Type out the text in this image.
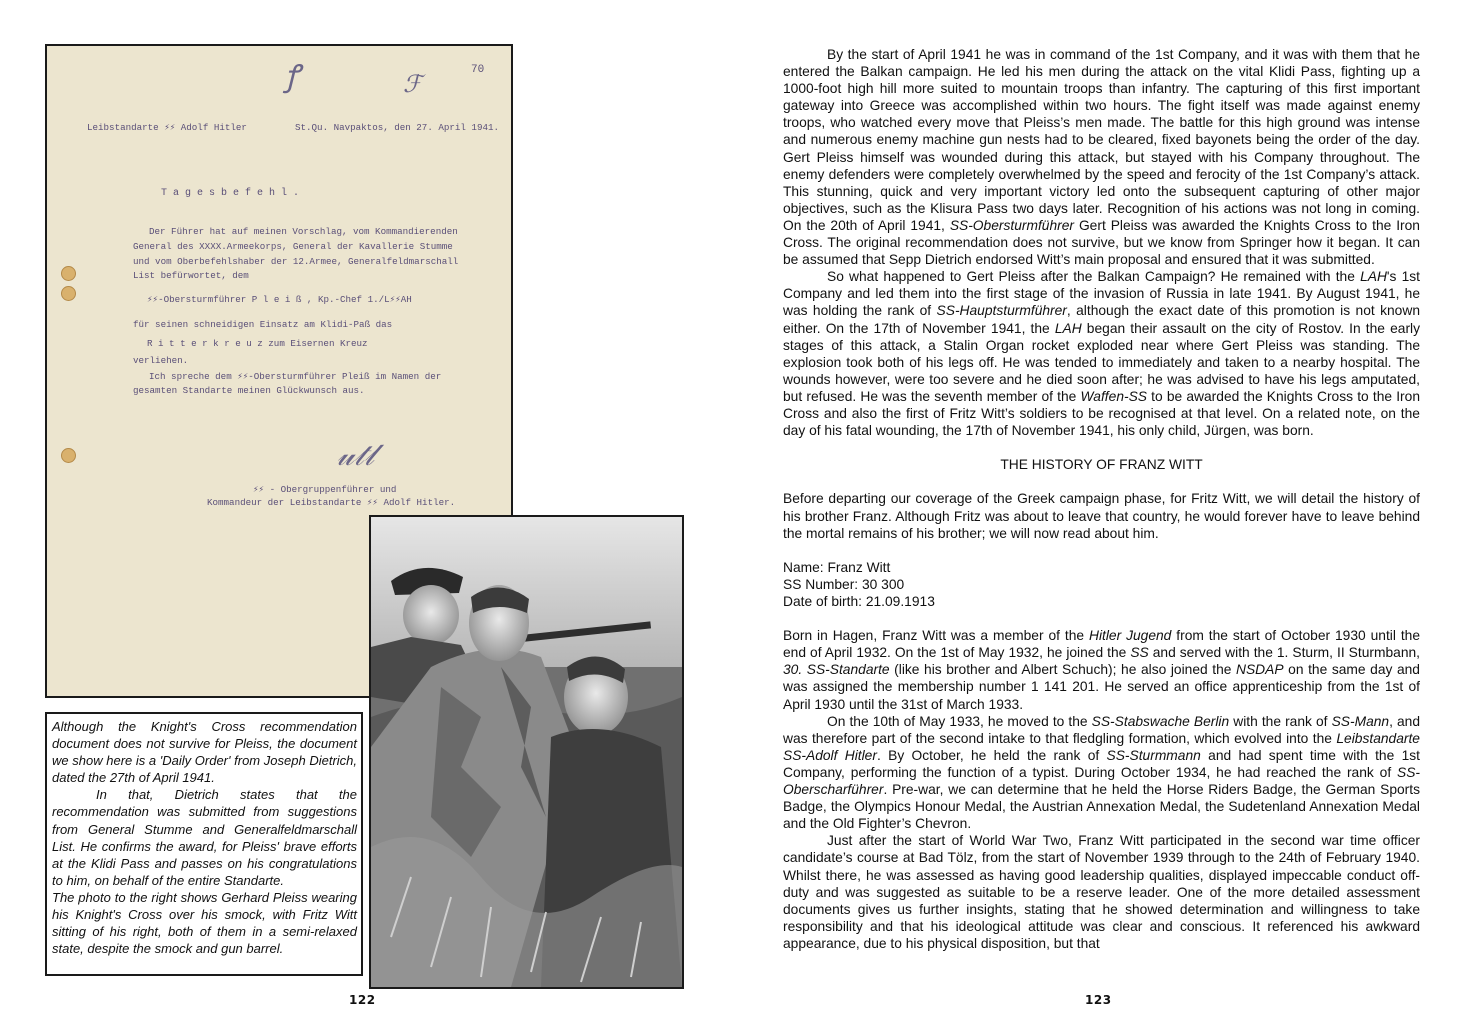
ꝭ	ℱ	70
Leibstandarte ⚡⚡ Adolf Hitler	St.Qu. Navpaktos, den 27. April 1941.
T a g e s b e f e h l .
Der Führer hat auf meinen Vorschlag, vom Kommandierenden
General des XXXX.Armeekorps, General der Kavallerie Stumme
und vom Oberbefehlshaber der 12.Armee, Generalfeldmarschall
List befürwortet, dem
⚡⚡-Obersturmführer P l e i ß , Kp.-Chef 1./L⚡⚡AH
für seinen schneidigen Einsatz am Klidi-Paß das
R i t t e r k r e u z zum Eisernen Kreuz
verliehen.
Ich spreche dem ⚡⚡-Obersturmführer Pleiß im Namen der
gesamten Standarte meinen Glückwunsch aus.
𝓊𝓉𝓁
⚡⚡ - Obergruppenführer und
Kommandeur der Leibstandarte ⚡⚡ Adolf Hitler.

Although the Knight's Cross recommendation document does not survive for Pleiss, the document we show here is a 'Daily Order' from Joseph Dietrich, dated the 27th of April 1941.

In that, Dietrich states that the recommendation was submitted from suggestions from General Stumme and Generalfeldmarschall List. He confirms the award, for Pleiss' brave efforts at the Klidi Pass and passes on his congratulations to him, on behalf of the entire Standarte.

The photo to the right shows Gerhard Pleiss wearing his Knight's Cross over his smock, with Fritz Witt sitting of his right, both of them in a semi-relaxed state, despite the smock and gun barrel.

122

By the start of April 1941 he was in command of the 1st Company, and it was with them that he entered the Balkan campaign. He led his men during the attack on the vital Klidi Pass, fighting up a 1000-foot high hill more suited to mountain troops than infantry. The capturing of this first important gateway into Greece was accomplished within two hours. The fight itself was made against enemy troops, who watched every move that Pleiss’s men made. The battle for this high ground was intense and numerous enemy machine gun nests had to be cleared, fixed bayonets being the order of the day. Gert Pleiss himself was wounded during this attack, but stayed with his Company throughout. The enemy defenders were completely overwhelmed by the speed and ferocity of the 1st Company’s attack. This stunning, quick and very important victory led onto the subsequent capturing of other major objectives, such as the Klisura Pass two days later. Recognition of his actions was not long in coming. On the 20th of April 1941, SS-Obersturmführer Gert Pleiss was awarded the Knights Cross to the Iron Cross. The original recommendation does not survive, but we know from Springer how it began. It can be assumed that Sepp Dietrich endorsed Witt’s main proposal and ensured that it was submitted.

So what happened to Gert Pleiss after the Balkan Campaign? He remained with the LAH's 1st Company and led them into the first stage of the invasion of Russia in late 1941. By August 1941, he was holding the rank of SS-Hauptsturmführer, although the exact date of this promotion is not known either. On the 17th of November 1941, the LAH began their assault on the city of Rostov. In the early stages of this attack, a Stalin Organ rocket exploded near where Gert Pleiss was standing. The explosion took both of his legs off. He was tended to immediately and taken to a nearby hospital. The wounds however, were too severe and he died soon after; he was advised to have his legs amputated, but refused. He was the seventh member of the Waffen-SS to be awarded the Knights Cross to the Iron Cross and also the first of Fritz Witt’s soldiers to be recognised at that level. On a related note, on the day of his fatal wounding, the 17th of November 1941, his only child, Jürgen, was born.

THE HISTORY OF FRANZ WITT

Before departing our coverage of the Greek campaign phase, for Fritz Witt, we will detail the history of his brother Franz. Although Fritz was about to leave that country, he would forever have to leave behind the mortal remains of his brother; we will now read about him.

Name: Franz Witt

SS Number: 30 300

Date of birth: 21.09.1913

Born in Hagen, Franz Witt was a member of the Hitler Jugend from the start of October 1930 until the end of April 1932. On the 1st of May 1932, he joined the SS and served with the 1. Sturm, II Sturmbann, 30. SS-Standarte (like his brother and Albert Schuch); he also joined the NSDAP on the same day and was assigned the membership number 1 141 201. He served an office apprenticeship from the 1st of April 1930 until the 31st of March 1933.

On the 10th of May 1933, he moved to the SS-Stabswache Berlin with the rank of SS-Mann, and was therefore part of the second intake to that fledgling formation, which evolved into the Leibstandarte SS-Adolf Hitler. By October, he held the rank of SS-Sturmmann and had spent time with the 1st Company, performing the function of a typist. During October 1934, he had reached the rank of SS-Oberscharführer. Pre-war, we can determine that he held the Horse Riders Badge, the German Sports Badge, the Olympics Honour Medal, the Austrian Annexation Medal, the Sudetenland Annexation Medal and the Old Fighter’s Chevron.

Just after the start of World War Two, Franz Witt participated in the second war time officer candidate’s course at Bad Tölz, from the start of November 1939 through to the 24th of February 1940. Whilst there, he was assessed as having good leadership qualities, displayed impeccable conduct off-duty and was suggested as suitable to be a reserve leader. One of the more detailed assessment documents gives us further insights, stating that he showed determination and willingness to take responsibility and that his ideological attitude was clear and conscious. It referenced his awkward appearance, due to his physical disposition, but that

123
